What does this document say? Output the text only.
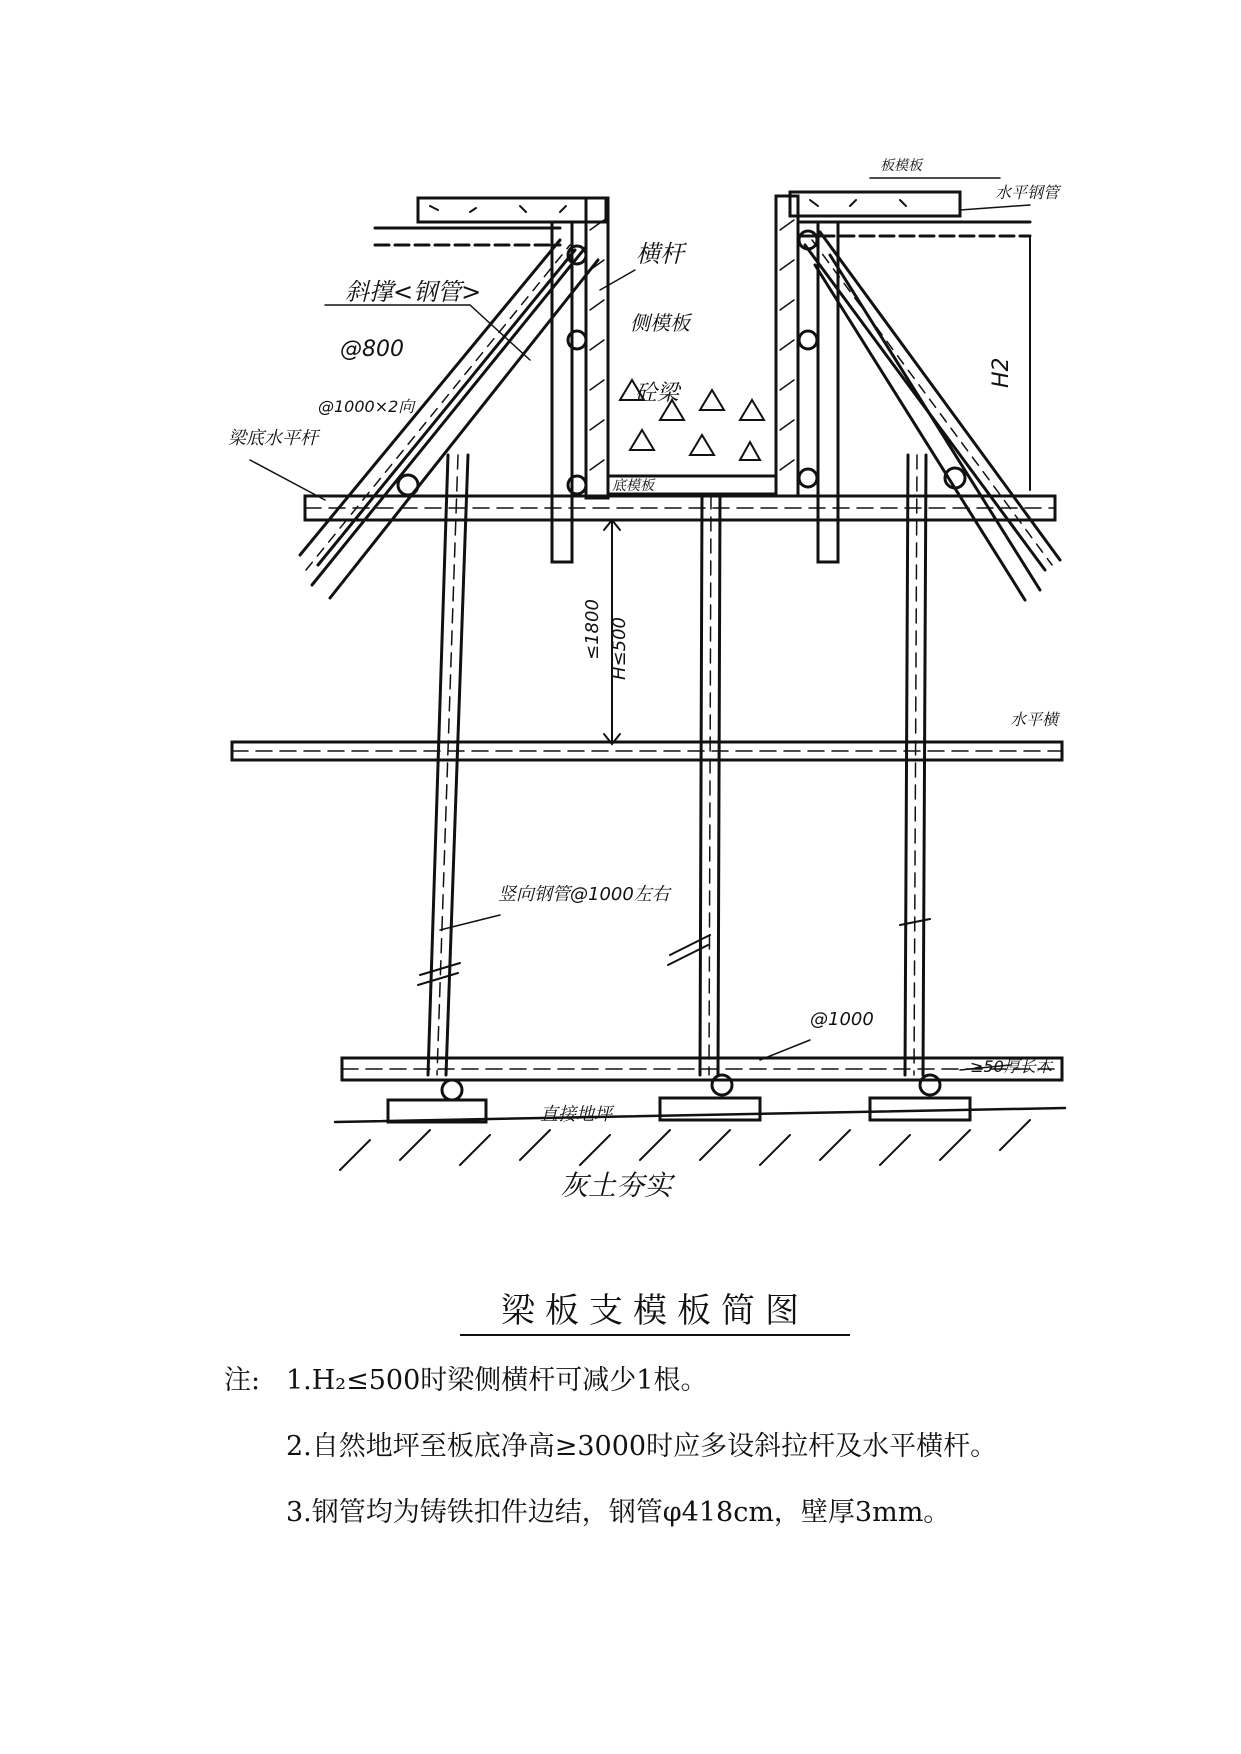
斜撑<钢管>
@800
横杆
侧模板
@1000×2向
梁底水平杆
砼梁
底模板
板模板
水平钢管
H2
≤1800 H≤500
水平横
竖向钢管@1000左右
@1000
≥50厚长木
直接地坪
灰土夯实
梁板支模板简图
注: 1.H₂≤500时梁侧横杆可减少1根。
2.自然地坪至板底净高≥3000时应多设斜拉杆及水平横杆。
3.钢管均为铸铁扣件边结，钢管φ418cm，壁厚3mm。
